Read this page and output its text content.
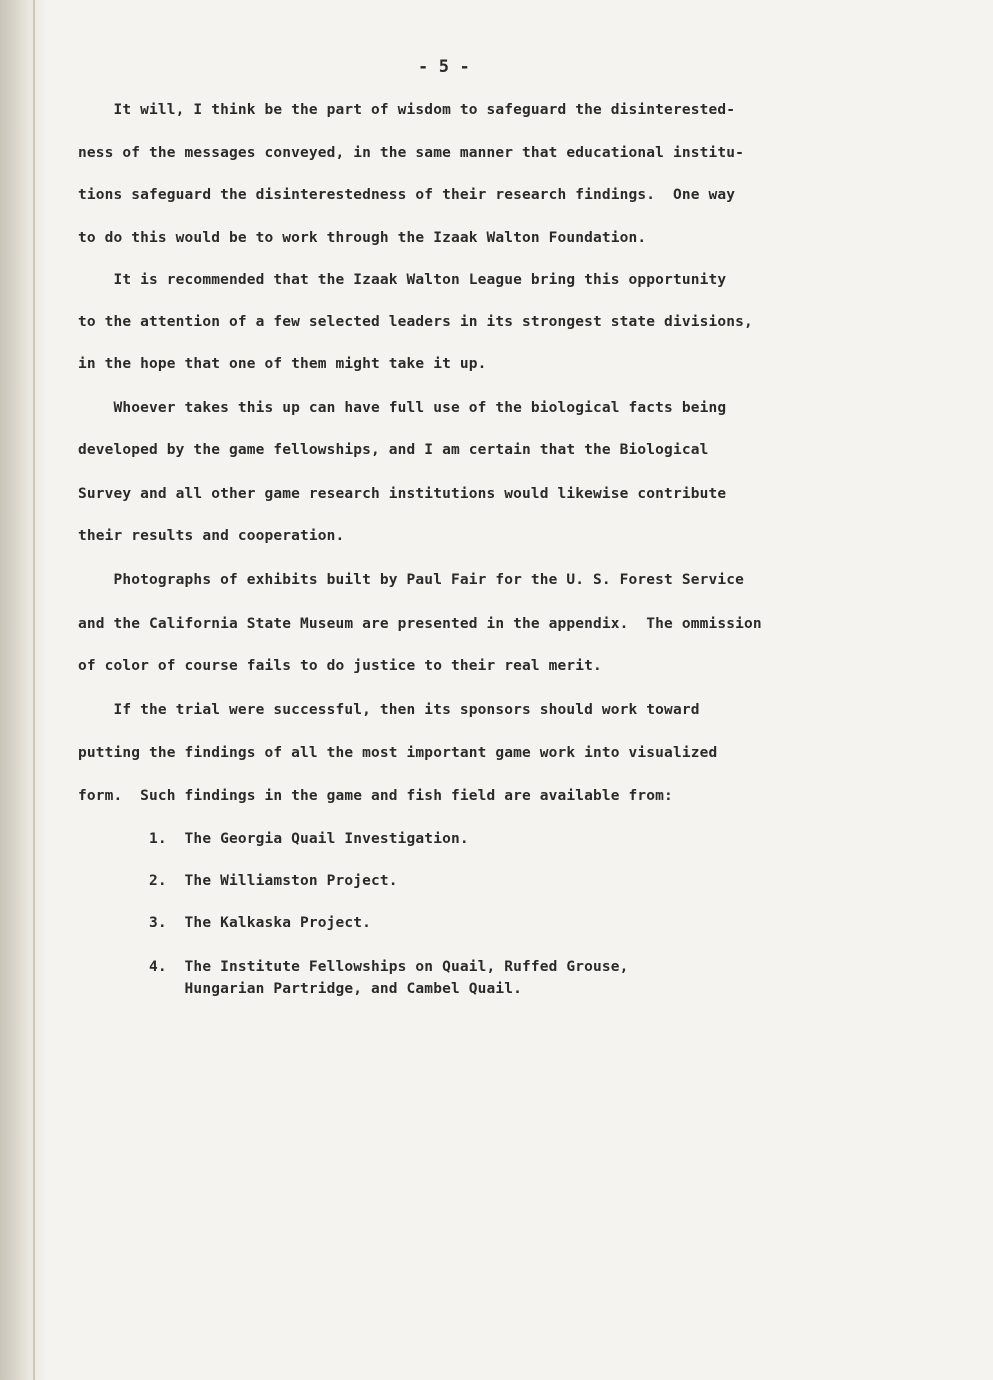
- 5 -
It will, I think be the part of wisdom to safeguard the disinterested-
ness of the messages conveyed, in the same manner that educational institu-
tions safeguard the disinterestedness of their research findings.  One way
to do this would be to work through the Izaak Walton Foundation.
It is recommended that the Izaak Walton League bring this opportunity
to the attention of a few selected leaders in its strongest state divisions,
in the hope that one of them might take it up.
Whoever takes this up can have full use of the biological facts being
developed by the game fellowships, and I am certain that the Biological
Survey and all other game research institutions would likewise contribute
their results and cooperation.
Photographs of exhibits built by Paul Fair for the U. S. Forest Service
and the California State Museum are presented in the appendix.  The ommission
of color of course fails to do justice to their real merit.
If the trial were successful, then its sponsors should work toward
putting the findings of all the most important game work into visualized
form.  Such findings in the game and fish field are available from:
1.  The Georgia Quail Investigation.
2.  The Williamston Project.
3.  The Kalkaska Project.
4.  The Institute Fellowships on Quail, Ruffed Grouse,
Hungarian Partridge, and Cambel Quail.
